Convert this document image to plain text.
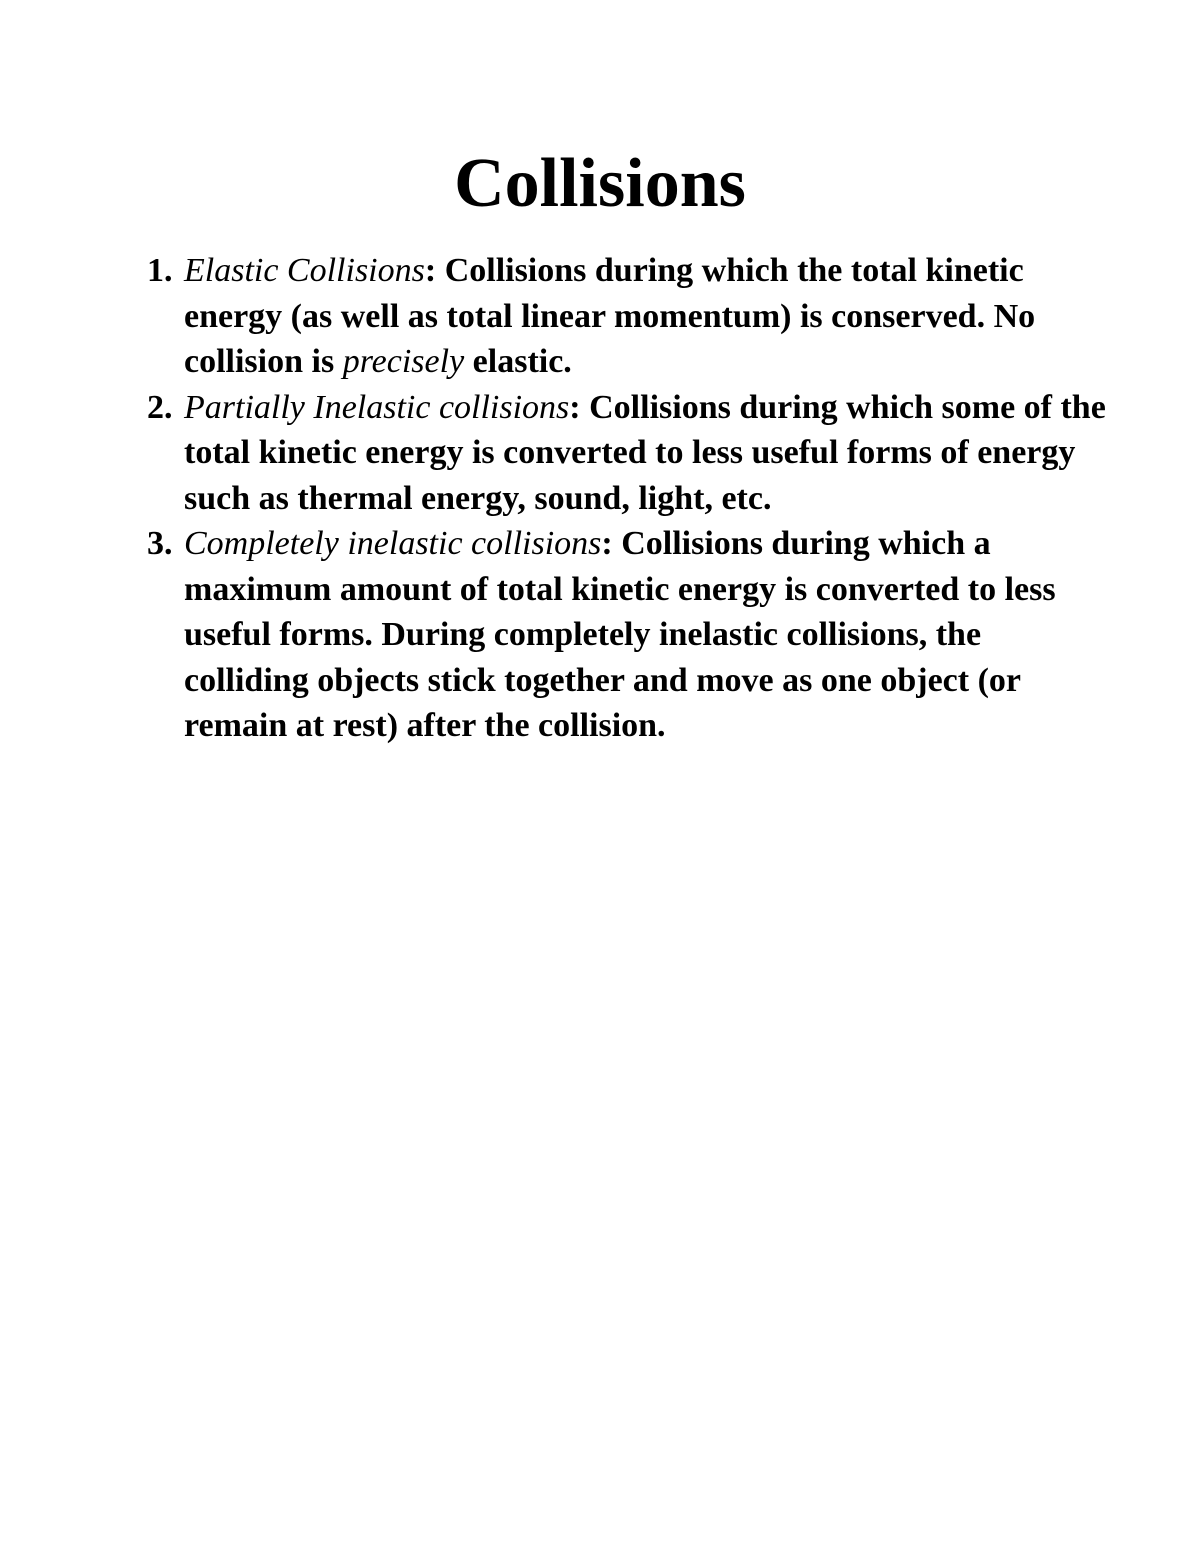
Collisions
1. Elastic Collisions: Collisions during which the total kinetic energy (as well as total linear momentum) is conserved. No collision is precisely elastic.
2. Partially Inelastic collisions: Collisions during which some of the total kinetic energy is converted to less useful forms of energy such as thermal energy, sound, light, etc.
3. Completely inelastic collisions: Collisions during which a maximum amount of total kinetic energy is converted to less useful forms. During completely inelastic collisions, the colliding objects stick together and move as one object (or remain at rest) after the collision.
